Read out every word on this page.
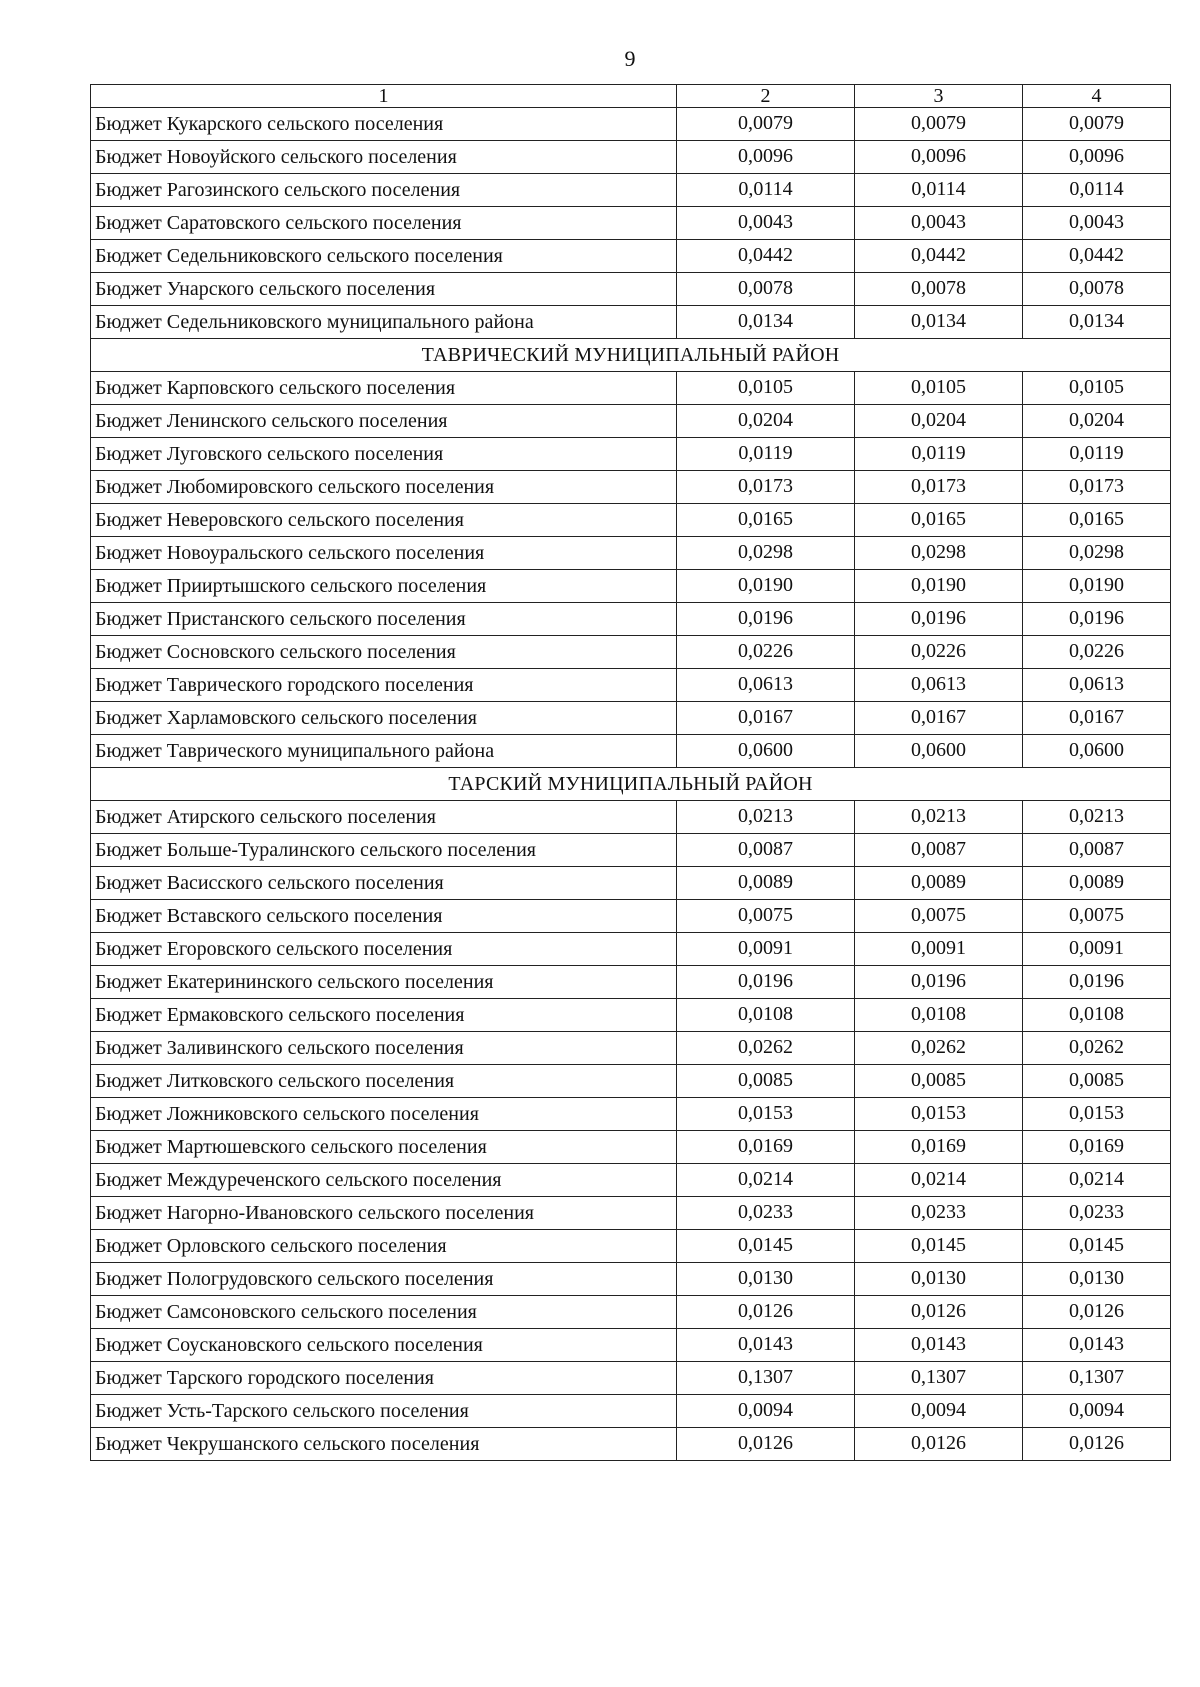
9
1	2	3	4
Бюджет Кукарского сельского поселения	0,0079	0,0079	0,0079
Бюджет Новоуйского сельского поселения	0,0096	0,0096	0,0096
Бюджет Рагозинского сельского поселения	0,0114	0,0114	0,0114
Бюджет Саратовского сельского поселения	0,0043	0,0043	0,0043
Бюджет Седельниковского сельского поселения	0,0442	0,0442	0,0442
Бюджет Унарского сельского поселения	0,0078	0,0078	0,0078
Бюджет Седельниковского муниципального района	0,0134	0,0134	0,0134
ТАВРИЧЕСКИЙ МУНИЦИПАЛЬНЫЙ РАЙОН			
Бюджет Карповского сельского поселения	0,0105	0,0105	0,0105
Бюджет Ленинского сельского поселения	0,0204	0,0204	0,0204
Бюджет Луговского сельского поселения	0,0119	0,0119	0,0119
Бюджет Любомировского сельского поселения	0,0173	0,0173	0,0173
Бюджет Неверовского сельского поселения	0,0165	0,0165	0,0165
Бюджет Новоуральского сельского поселения	0,0298	0,0298	0,0298
Бюджет Прииртышского сельского поселения	0,0190	0,0190	0,0190
Бюджет Пристанского сельского поселения	0,0196	0,0196	0,0196
Бюджет Сосновского сельского поселения	0,0226	0,0226	0,0226
Бюджет Таврического городского поселения	0,0613	0,0613	0,0613
Бюджет Харламовского сельского поселения	0,0167	0,0167	0,0167
Бюджет Таврического муниципального района	0,0600	0,0600	0,0600
ТАРСКИЙ МУНИЦИПАЛЬНЫЙ РАЙОН			
Бюджет Атирского сельского поселения	0,0213	0,0213	0,0213
Бюджет Больше-Туралинского сельского поселения	0,0087	0,0087	0,0087
Бюджет Васисского сельского поселения	0,0089	0,0089	0,0089
Бюджет Вставского сельского поселения	0,0075	0,0075	0,0075
Бюджет Егоровского сельского поселения	0,0091	0,0091	0,0091
Бюджет Екатерининского сельского поселения	0,0196	0,0196	0,0196
Бюджет Ермаковского сельского поселения	0,0108	0,0108	0,0108
Бюджет Заливинского сельского поселения	0,0262	0,0262	0,0262
Бюджет Литковского сельского поселения	0,0085	0,0085	0,0085
Бюджет Ложниковского сельского поселения	0,0153	0,0153	0,0153
Бюджет Мартюшевского сельского поселения	0,0169	0,0169	0,0169
Бюджет Междуреченского сельского поселения	0,0214	0,0214	0,0214
Бюджет Нагорно-Ивановского сельского поселения	0,0233	0,0233	0,0233
Бюджет Орловского сельского поселения	0,0145	0,0145	0,0145
Бюджет Пологрудовского сельского поселения	0,0130	0,0130	0,0130
Бюджет Самсоновского сельского поселения	0,0126	0,0126	0,0126
Бюджет Соускановского сельского поселения	0,0143	0,0143	0,0143
Бюджет Тарского городского поселения	0,1307	0,1307	0,1307
Бюджет Усть-Тарского сельского поселения	0,0094	0,0094	0,0094
Бюджет Чекрушанского сельского поселения	0,0126	0,0126	0,0126
